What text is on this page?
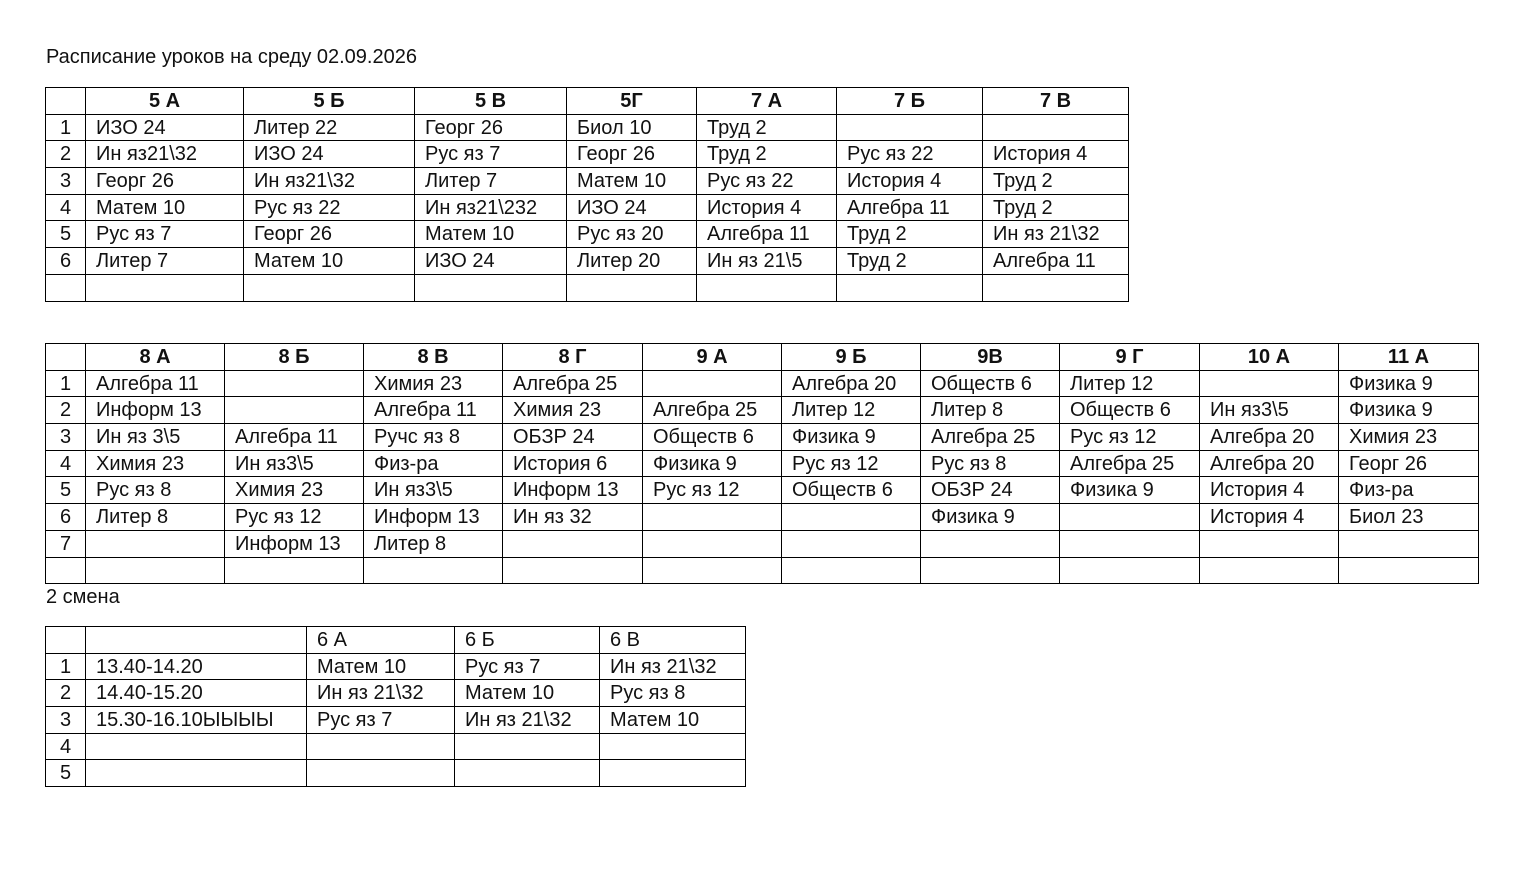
Расписание уроков на среду 02.09.2026
	5 А	5 Б	5 В	5Г	7 А	7 Б	7 В
1	ИЗО 24	Литер 22	Георг 26	Биол 10	Труд 2		
2	Ин яз21\32	ИЗО 24	Рус яз 7	Георг 26	Труд 2	Рус яз 22	История 4
3	Георг 26	Ин яз21\32	Литер 7	Матем 10	Рус яз 22	История 4	Труд 2
4	Матем 10	Рус яз 22	Ин яз21\232	ИЗО 24	История 4	Алгебра 11	Труд 2
5	Рус яз 7	Георг 26	Матем 10	Рус яз 20	Алгебра 11	Труд 2	Ин яз 21\32
6	Литер 7	Матем 10	ИЗО 24	Литер 20	Ин яз 21\5	Труд 2	Алгебра 11

	8 А	8 Б	8 В	8 Г	9 А	9 Б	9В	9 Г	10 А	11 А
1	Алгебра 11		Химия 23	Алгебра 25		Алгебра 20	Обществ 6	Литер 12		Физика 9
2	Информ 13		Алгебра 11	Химия 23	Алгебра 25	Литер 12	Литер 8	Обществ 6	Ин яз3\5	Физика 9
3	Ин яз 3\5	Алгебра 11	Ручс яз 8	ОБЗР 24	Обществ 6	Физика 9	Алгебра 25	Рус яз 12	Алгебра 20	Химия 23
4	Химия 23	Ин яз3\5	Физ-ра	История 6	Физика 9	Рус яз 12	Рус яз 8	Алгебра 25	Алгебра 20	Георг 26
5	Рус яз 8	Химия 23	Ин яз3\5	Информ 13	Рус яз 12	Обществ 6	ОБЗР 24	Физика 9	История 4	Физ-ра
6	Литер 8	Рус яз 12	Информ 13	Ин яз 32			Физика 9		История 4	Биол 23
7		Информ 13	Литер 8							

2 смена
		6 А	6 Б	6 В
1	13.40-14.20	Матем 10	Рус яз 7	Ин яз 21\32
2	14.40-15.20	Ин яз 21\32	Матем 10	Рус яз 8
3	15.30-16.10ЫЫЫЫ	Рус яз 7	Ин яз 21\32	Матем 10
4				
5				
